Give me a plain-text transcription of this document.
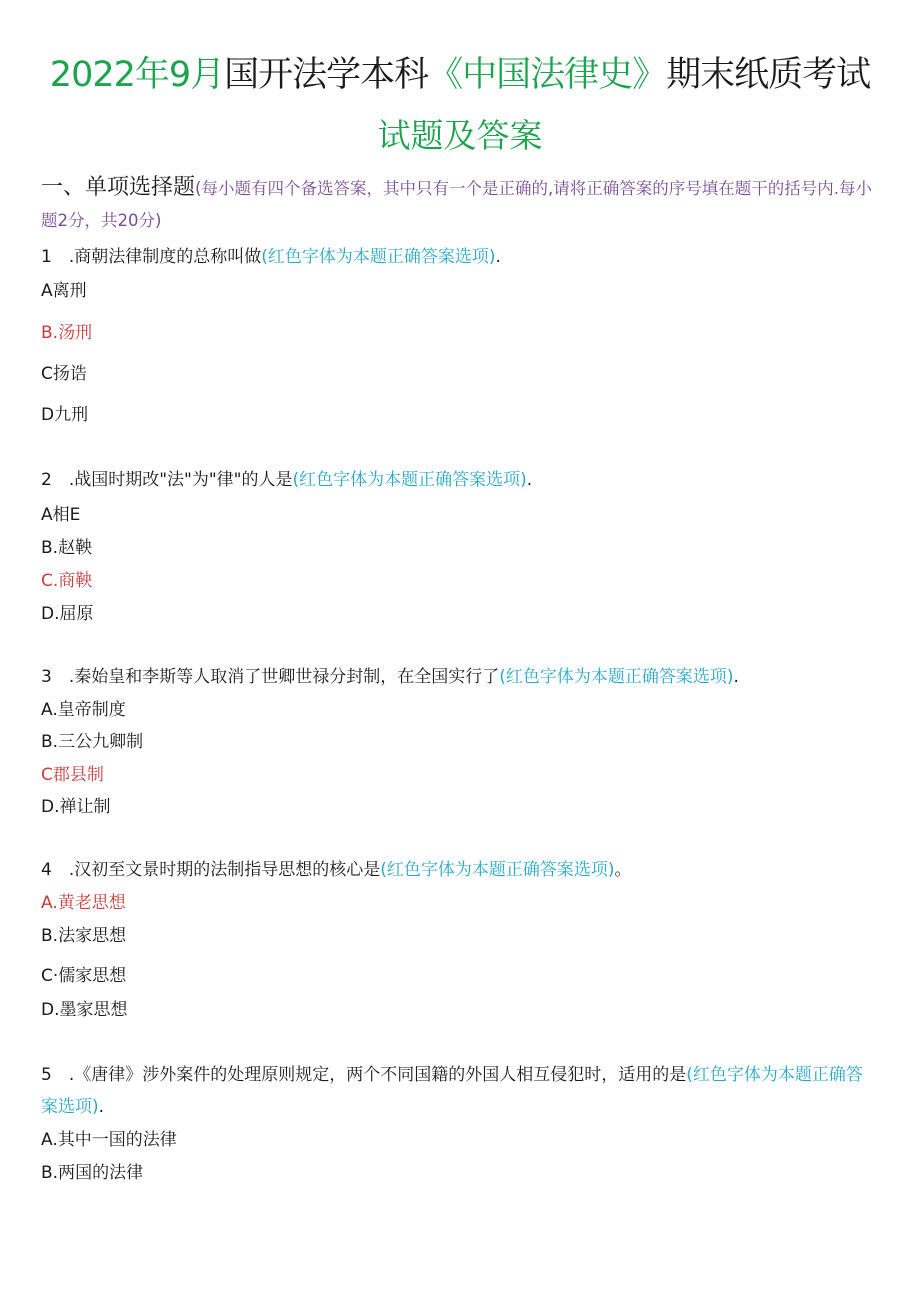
2022年9月国开法学本科《中国法律史》期末纸质考试
试题及答案
一、单项选择题(每小题有四个备选答案，其中只有一个是正确的,请将正确答案的序号填在题干的括号内.每小题2分，共20分)
1 .商朝法律制度的总称叫做(红色字体为本题正确答案选项).
A离刑
B.汤刑
C扬诰
D九刑
2 .战国时期改"法"为"律"的人是(红色字体为本题正确答案选项).
A相E
B.赵鞅
C.商鞅
D.屈原
3 .秦始皇和李斯等人取消了世卿世禄分封制，在全国实行了(红色字体为本题正确答案选项).
A.皇帝制度
B.三公九卿制
C郡县制
D.禅让制
4 .汉初至文景时期的法制指导思想的核心是(红色字体为本题正确答案选项)。
A.黄老思想
B.法家思想
C·儒家思想
D.墨家思想
5 .《唐律》涉外案件的处理原则规定，两个不同国籍的外国人相互侵犯时，适用的是(红色字体为本题正确答案选项).
A.其中一国的法律
B.两国的法律
